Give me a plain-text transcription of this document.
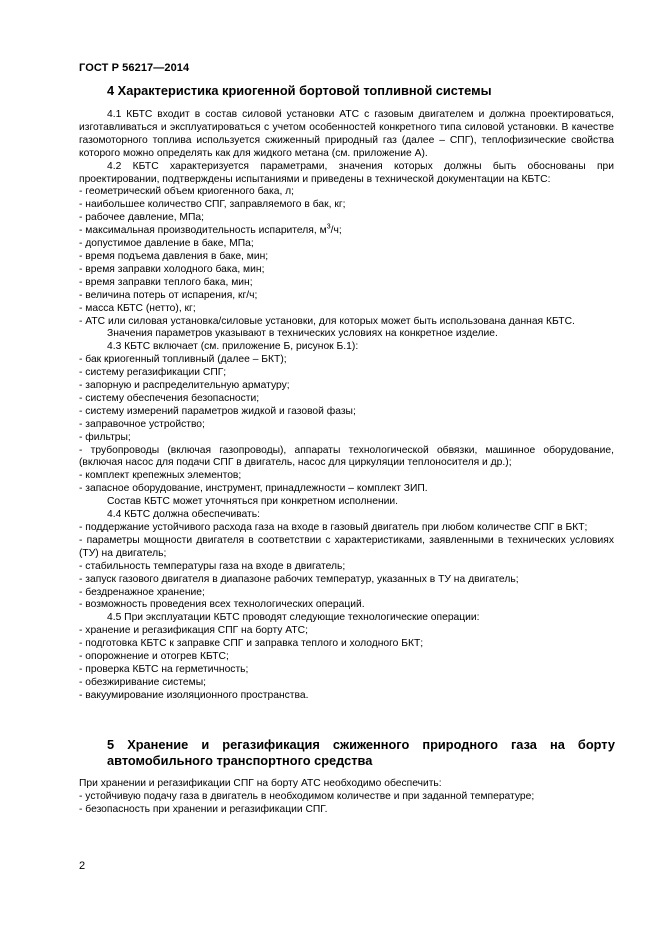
ГОСТ Р 56217—2014
4 Характеристика криогенной бортовой топливной системы

4.1 КБТС входит в состав силовой установки АТС с газовым двигателем и должна проектироваться, изготавливаться и эксплуатироваться с учетом особенностей конкретного типа силовой установки. В качестве газомоторного топлива используется сжиженный природный газ (далее – СПГ), теплофизические свойства которого можно определять как для жидкого метана (см. приложение А).

4.2 КБТС характеризуется параметрами, значения которых должны быть обоснованы при проектировании, подтверждены испытаниями и приведены в технической документации на КБТС:

- геометрический объем криогенного бака, л;

- наибольшее количество СПГ, заправляемого в бак, кг;

- рабочее давление, МПа;

- максимальная производительность испарителя, $м^3/ч$;

- допустимое давление в баке, МПа;

- время подъема давления в баке, мин;

- время заправки холодного бака, мин;

- время заправки теплого бака, мин;

- величина потерь от испарения, кг/ч;

- масса КБТС (нетто), кг;

- АТС или силовая установка/силовые установки, для которых может быть использована данная КБТС.

Значения параметров указывают в технических условиях на конкретное изделие.

4.3 КБТС включает (см. приложение Б, рисунок Б.1):

- бак криогенный топливный (далее – БКТ);

- систему регазификации СПГ;

- запорную и распределительную арматуру;

- систему обеспечения безопасности;

- систему измерений параметров жидкой и газовой фазы;

- заправочное устройство;

- фильтры;

- трубопроводы (включая газопроводы), аппараты технологической обвязки, машинное оборудование, (включая насос для подачи СПГ в двигатель, насос для циркуляции теплоносителя и др.);

- комплект крепежных элементов;

- запасное оборудование, инструмент, принадлежности – комплект ЗИП.

Состав КБТС может уточняться при конкретном исполнении.

4.4 КБТС должна обеспечивать:

- поддержание устойчивого расхода газа на входе в газовый двигатель при любом количестве СПГ в БКТ;

- параметры мощности двигателя в соответствии с характеристиками, заявленными в технических условиях (ТУ) на двигатель;

- стабильность температуры газа на входе в двигатель;

- запуск газового двигателя в диапазоне рабочих температур, указанных в ТУ на двигатель;

- бездренажное хранение;

- возможность проведения всех технологических операций.

4.5 При эксплуатации КБТС проводят следующие технологические операции:

- хранение и регазификация СПГ на борту АТС;

- подготовка КБТС к заправке СПГ и заправка теплого и холодного БКТ;

- опорожнение и отогрев КБТС;

- проверка КБТС на герметичность;

- обезжиривание системы;

- вакуумирование изоляционного пространства.

5 Хранение и регазификация сжиженного природного газа на борту автомобильного транспортного средства

При хранении и регазификации СПГ на борту АТС необходимо обеспечить:

- устойчивую подачу газа в двигатель в необходимом количестве и при заданной температуре;

- безопасность при хранении и регазификации СПГ.

2
